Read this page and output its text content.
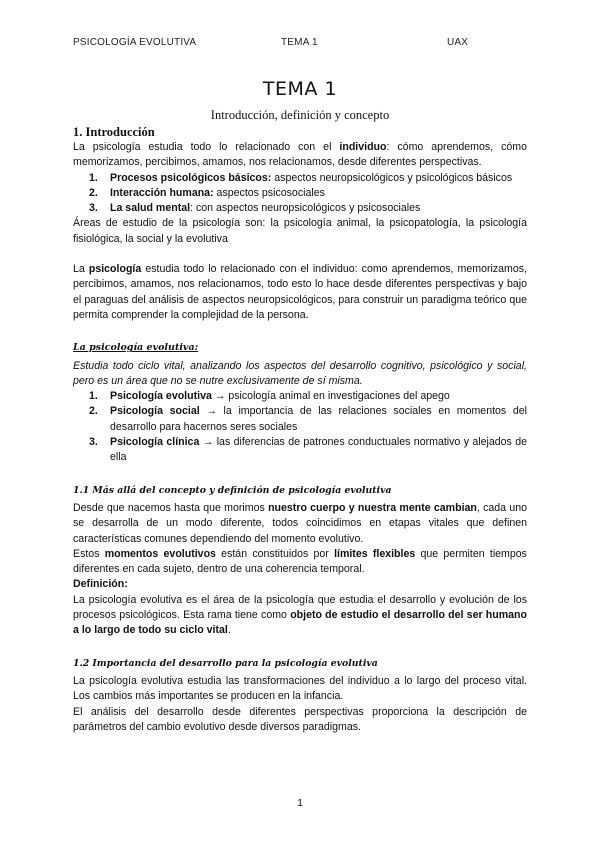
PSICOLOGÍA EVOLUTIVA	TEMA 1	UAX
TEMA 1
Introducción, definición y concepto
1. Introducción

La psicología estudia todo lo relacionado con el individuo: cómo aprendemos, cómo memorizamos, percibimos, amamos, nos relacionamos, desde diferentes perspectivas.

1. Procesos psicológicos básicos: aspectos neuropsicológicos y psicológicos básicos
2. Interacción humana: aspectos psicosociales
3. La salud mental: con aspectos neuropsicológicos y psicosociales

Áreas de estudio de la psicología son: la psicología animal, la psicopatología, la psicología fisiológica, la social y la evolutiva

La psicología estudia todo lo relacionado con el individuo: como aprendemos, memorizamos, percibimos, amamos, nos relacionamos, todo esto lo hace desde diferentes perspectivas y bajo el paraguas del análisis de aspectos neuropsicológicos, para construir un paradigma teórico que permita comprender la complejidad de la persona.

La psicología evolutiva:

Estudia todo ciclo vital, analizando los aspectos del desarrollo cognitivo, psicológico y social, pero es un área que no se nutre exclusivamente de sí misma.

1. Psicología evolutiva → psicología animal en investigaciones del apego
2. Psicología social → la importancia de las relaciones sociales en momentos del desarrollo para hacernos seres sociales
3. Psicología clínica → las diferencias de patrones conductuales normativo y alejados de ella
1.1 Más allá del concepto y definición de psicología evolutiva

Desde que nacemos hasta que morimos nuestro cuerpo y nuestra mente cambian, cada uno se desarrolla de un modo diferente, todos coincidimos en etapas vitales que definen características comunes dependiendo del momento evolutivo.

Estos momentos evolutivos están constituidos por límites flexibles que permiten tiempos diferentes en cada sujeto, dentro de una coherencia temporal.

Definición:

La psicología evolutiva es el área de la psicología que estudia el desarrollo y evolución de los procesos psicológicos. Esta rama tiene como objeto de estudio el desarrollo del ser humano a lo largo de todo su ciclo vital.

1.2 Importancia del desarrollo para la psicología evolutiva

La psicología evolutiva estudia las transformaciones del individuo a lo largo del proceso vital. Los cambios más importantes se producen en la infancia.

El análisis del desarrollo desde diferentes perspectivas proporciona la descripción de parámetros del cambio evolutivo desde diversos paradigmas.

1
